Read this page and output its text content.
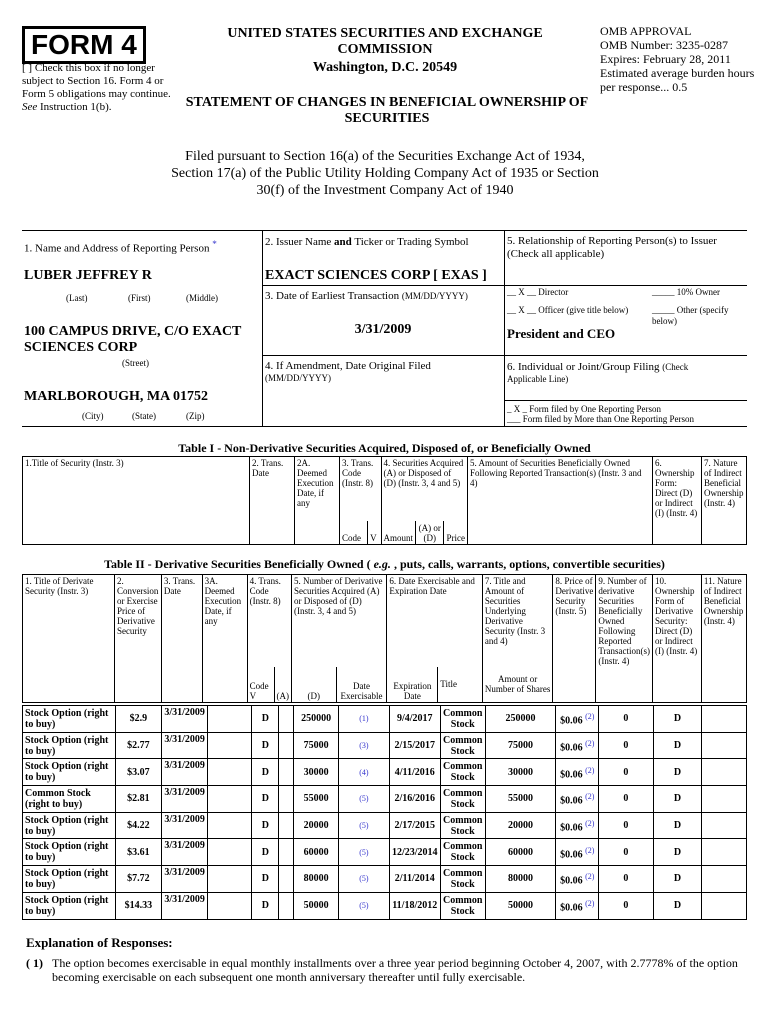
FORM 4
[ ] Check this box if no longer subject to Section 16. Form 4 or Form 5 obligations may continue.
See Instruction 1(b).
UNITED STATES SECURITIES AND EXCHANGE COMMISSION
Washington, D.C. 20549
STATEMENT OF CHANGES IN BENEFICIAL OWNERSHIP OF SECURITIES
OMB APPROVAL
OMB Number: 3235-0287
Expires: February 28, 2011
Estimated average burden hours per response... 0.5
Filed pursuant to Section 16(a) of the Securities Exchange Act of 1934, Section 17(a) of the Public Utility Holding Company Act of 1935 or Section 30(f) of the Investment Company Act of 1940
1. Name and Address of Reporting Person *
LUBER JEFFREY R
(Last)	(First)	(Middle)
100 CAMPUS DRIVE, C/O EXACT SCIENCES CORP
(Street)
MARLBOROUGH, MA 01752
(City)	(State)	(Zip)
2. Issuer Name and Ticker or Trading Symbol
EXACT SCIENCES CORP [ EXAS ]
3. Date of Earliest Transaction (MM/DD/YYYY)
3/31/2009
4. If Amendment, Date Original Filed
(MM/DD/YYYY)
5. Relationship of Reporting Person(s) to Issuer
(Check all applicable)
__ X __ Director	_____ 10% Owner
__ X __ Officer (give title below)	_____ Other (specify below)
President and CEO
6. Individual or Joint/Group Filing (Check
Applicable Line)
_ X _ Form filed by One Reporting Person
___ Form filed by More than One Reporting Person
Table I - Non-Derivative Securities Acquired, Disposed of, or Beneficially Owned
1.Title of Security (Instr. 3)	2. Trans. Date	2A. Deemed Execution Date, if any	3. Trans. Code (Instr. 8)		4. Securities Acquired (A) or Disposed of (D) (Instr. 3, 4 and 5)			5. Amount of Securities Beneficially Owned Following Reported Transaction(s) (Instr. 3 and 4)	6. Ownership Form: Direct (D) or Indirect (I) (Instr. 4)	7. Nature of Indirect Beneficial Ownership (Instr. 4)
			Code	V	Amount	(A) or (D)	Price			
Table II - Derivative Securities Beneficially Owned ( e.g. , puts, calls, warrants, options, convertible securities)
1. Title of Derivate Security (Instr. 3)	2. Conversion or Exercise Price of Derivative Security	3. Trans. Date	3A. Deemed Execution Date, if any	4. Trans. Code (Instr. 8)		5. Number of Derivative Securities Acquired (A) or Disposed of (D) (Instr. 3, 4 and 5)		6. Date Exercisable and Expiration Date		7. Title and Amount of Securities Underlying Derivative Security (Instr. 3 and 4)	8. Price of Derivative Security (Instr. 5)	9. Number of derivative Securities Beneficially Owned Following Reported Transaction(s) (Instr. 4)	10. Ownership Form of Derivative Security: Direct (D) or Indirect (I) (Instr. 4)	11. Nature of Indirect Beneficial Ownership (Instr. 4)
				Code V	(A)	(D)	Date Exercisable	Expiration Date	Title	Amount or Number of Shares				
Stock Option (right to buy)	$2.9	3/31/2009		D		250000	(1)	9/4/2017	Common Stock	250000	$0.06 $^{(2)}$	0	D	
Stock Option (right to buy)	$2.77	3/31/2009		D		75000	(3)	2/15/2017	Common Stock	75000	$0.06 $^{(2)}$	0	D	
Stock Option (right to buy)	$3.07	3/31/2009		D		30000	(4)	4/11/2016	Common Stock	30000	$0.06 $^{(2)}$	0	D	
Common Stock (right to buy)	$2.81	3/31/2009		D		55000	(5)	2/16/2016	Common Stock	55000	$0.06 $^{(2)}$	0	D	
Stock Option (right to buy)	$4.22	3/31/2009		D		20000	(5)	2/17/2015	Common Stock	20000	$0.06 $^{(2)}$	0	D	
Stock Option (right to buy)	$3.61	3/31/2009		D		60000	(5)	12/23/2014	Common Stock	60000	$0.06 $^{(2)}$	0	D	
Stock Option (right to buy)	$7.72	3/31/2009		D		80000	(5)	2/11/2014	Common Stock	80000	$0.06 $^{(2)}$	0	D	
Stock Option (right to buy)	$14.33	3/31/2009		D		50000	(5)	11/18/2012	Common Stock	50000	$0.06 $^{(2)}$	0	D	
Explanation of Responses:
( 1) The option becomes exercisable in equal monthly installments over a three year period beginning October 4, 2007, with 2.7778% of the option becoming exercisable on each subsequent one month anniversary thereafter until fully exercisable.
